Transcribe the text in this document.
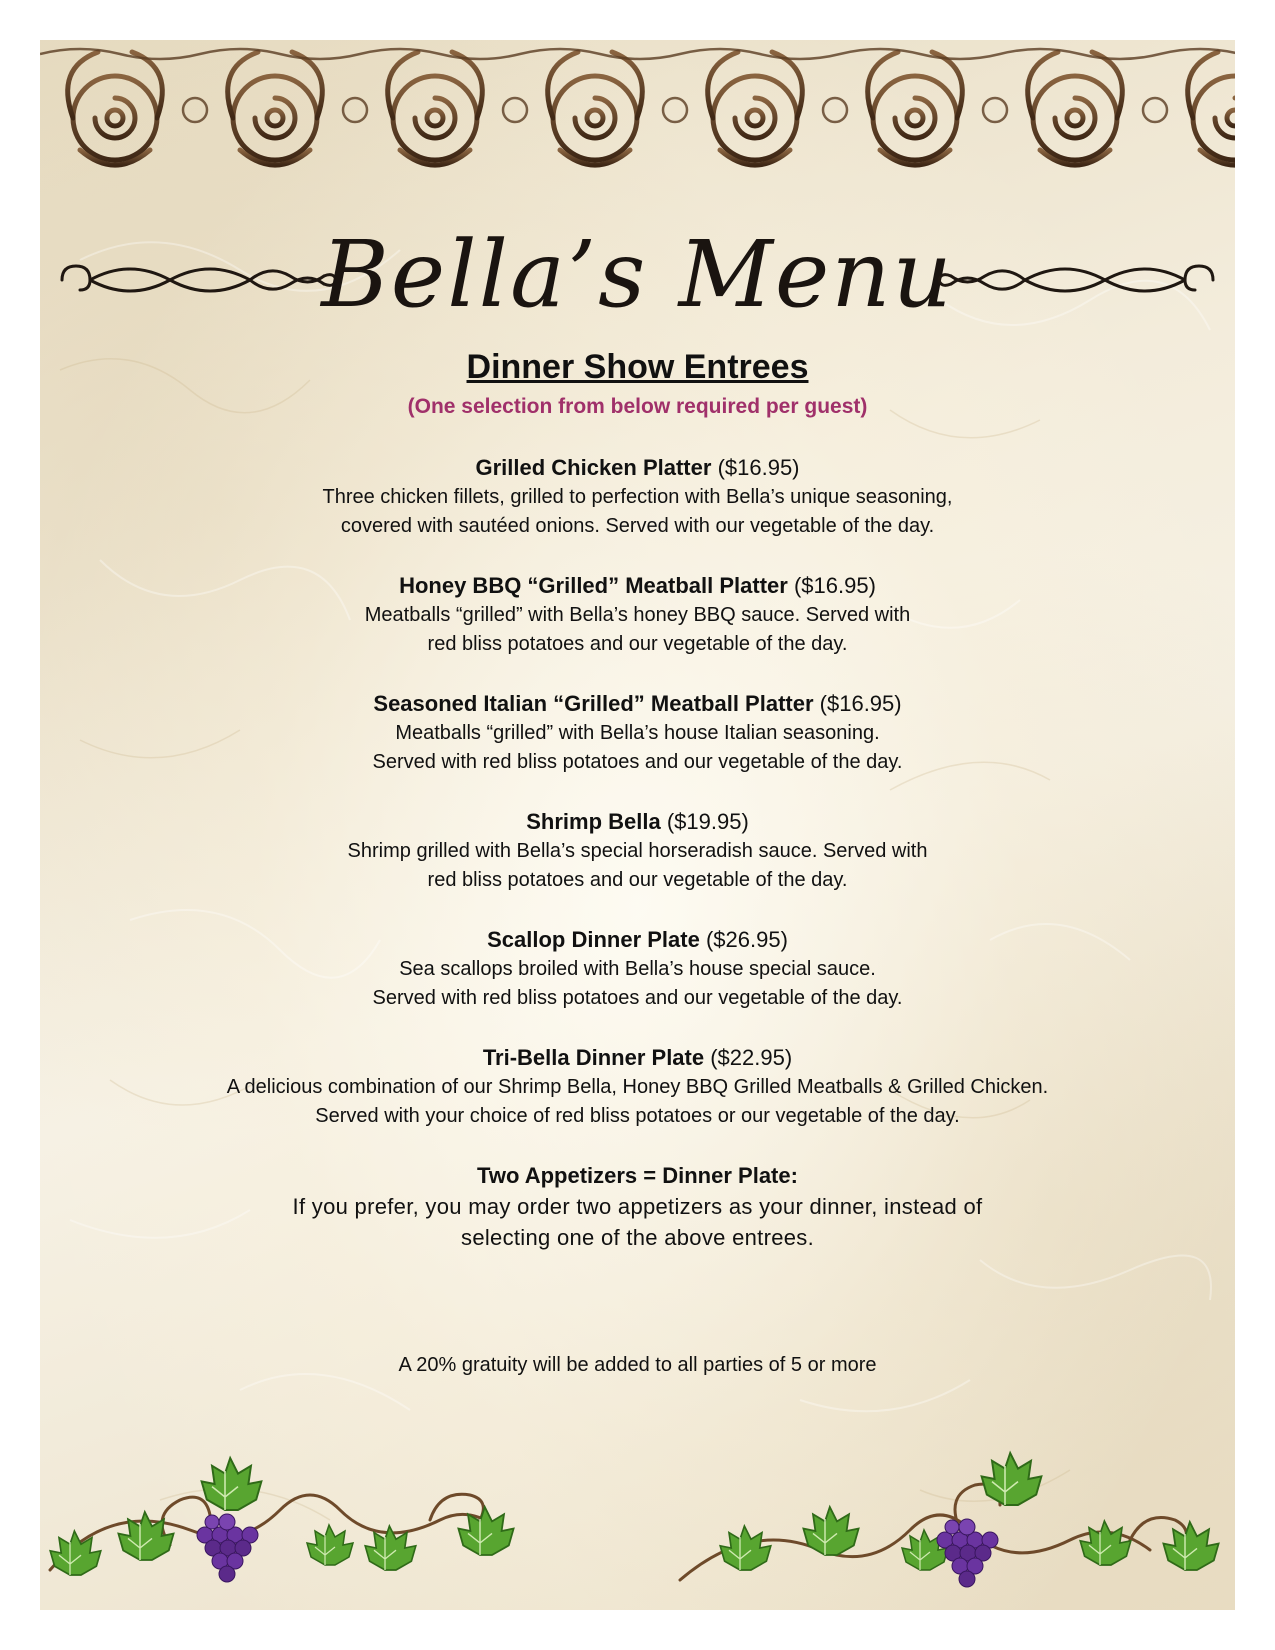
Bella’s Menu
Dinner Show Entrees

(One selection from below required per guest)

Grilled Chicken Platter ($16.95)
Three chicken fillets, grilled to perfection with Bella’s unique seasoning,
covered with sautéed onions. Served with our vegetable of the day.
Honey BBQ “Grilled” Meatball Platter ($16.95)
Meatballs “grilled” with Bella’s honey BBQ sauce. Served with
red bliss potatoes and our vegetable of the day.
Seasoned Italian “Grilled” Meatball Platter ($16.95)
Meatballs “grilled” with Bella’s house Italian seasoning.
Served with red bliss potatoes and our vegetable of the day.
Shrimp Bella ($19.95)
Shrimp grilled with Bella’s special horseradish sauce. Served with
red bliss potatoes and our vegetable of the day.
Scallop Dinner Plate ($26.95)
Sea scallops broiled with Bella’s house special sauce.
Served with red bliss potatoes and our vegetable of the day.
Tri-Bella Dinner Plate ($22.95)
A delicious combination of our Shrimp Bella, Honey BBQ Grilled Meatballs & Grilled Chicken.
Served with your choice of red bliss potatoes or our vegetable of the day.
Two Appetizers = Dinner Plate:
If you prefer, you may order two appetizers as your dinner, instead of
selecting one of the above entrees.
A 20% gratuity will be added to all parties of 5 or more
